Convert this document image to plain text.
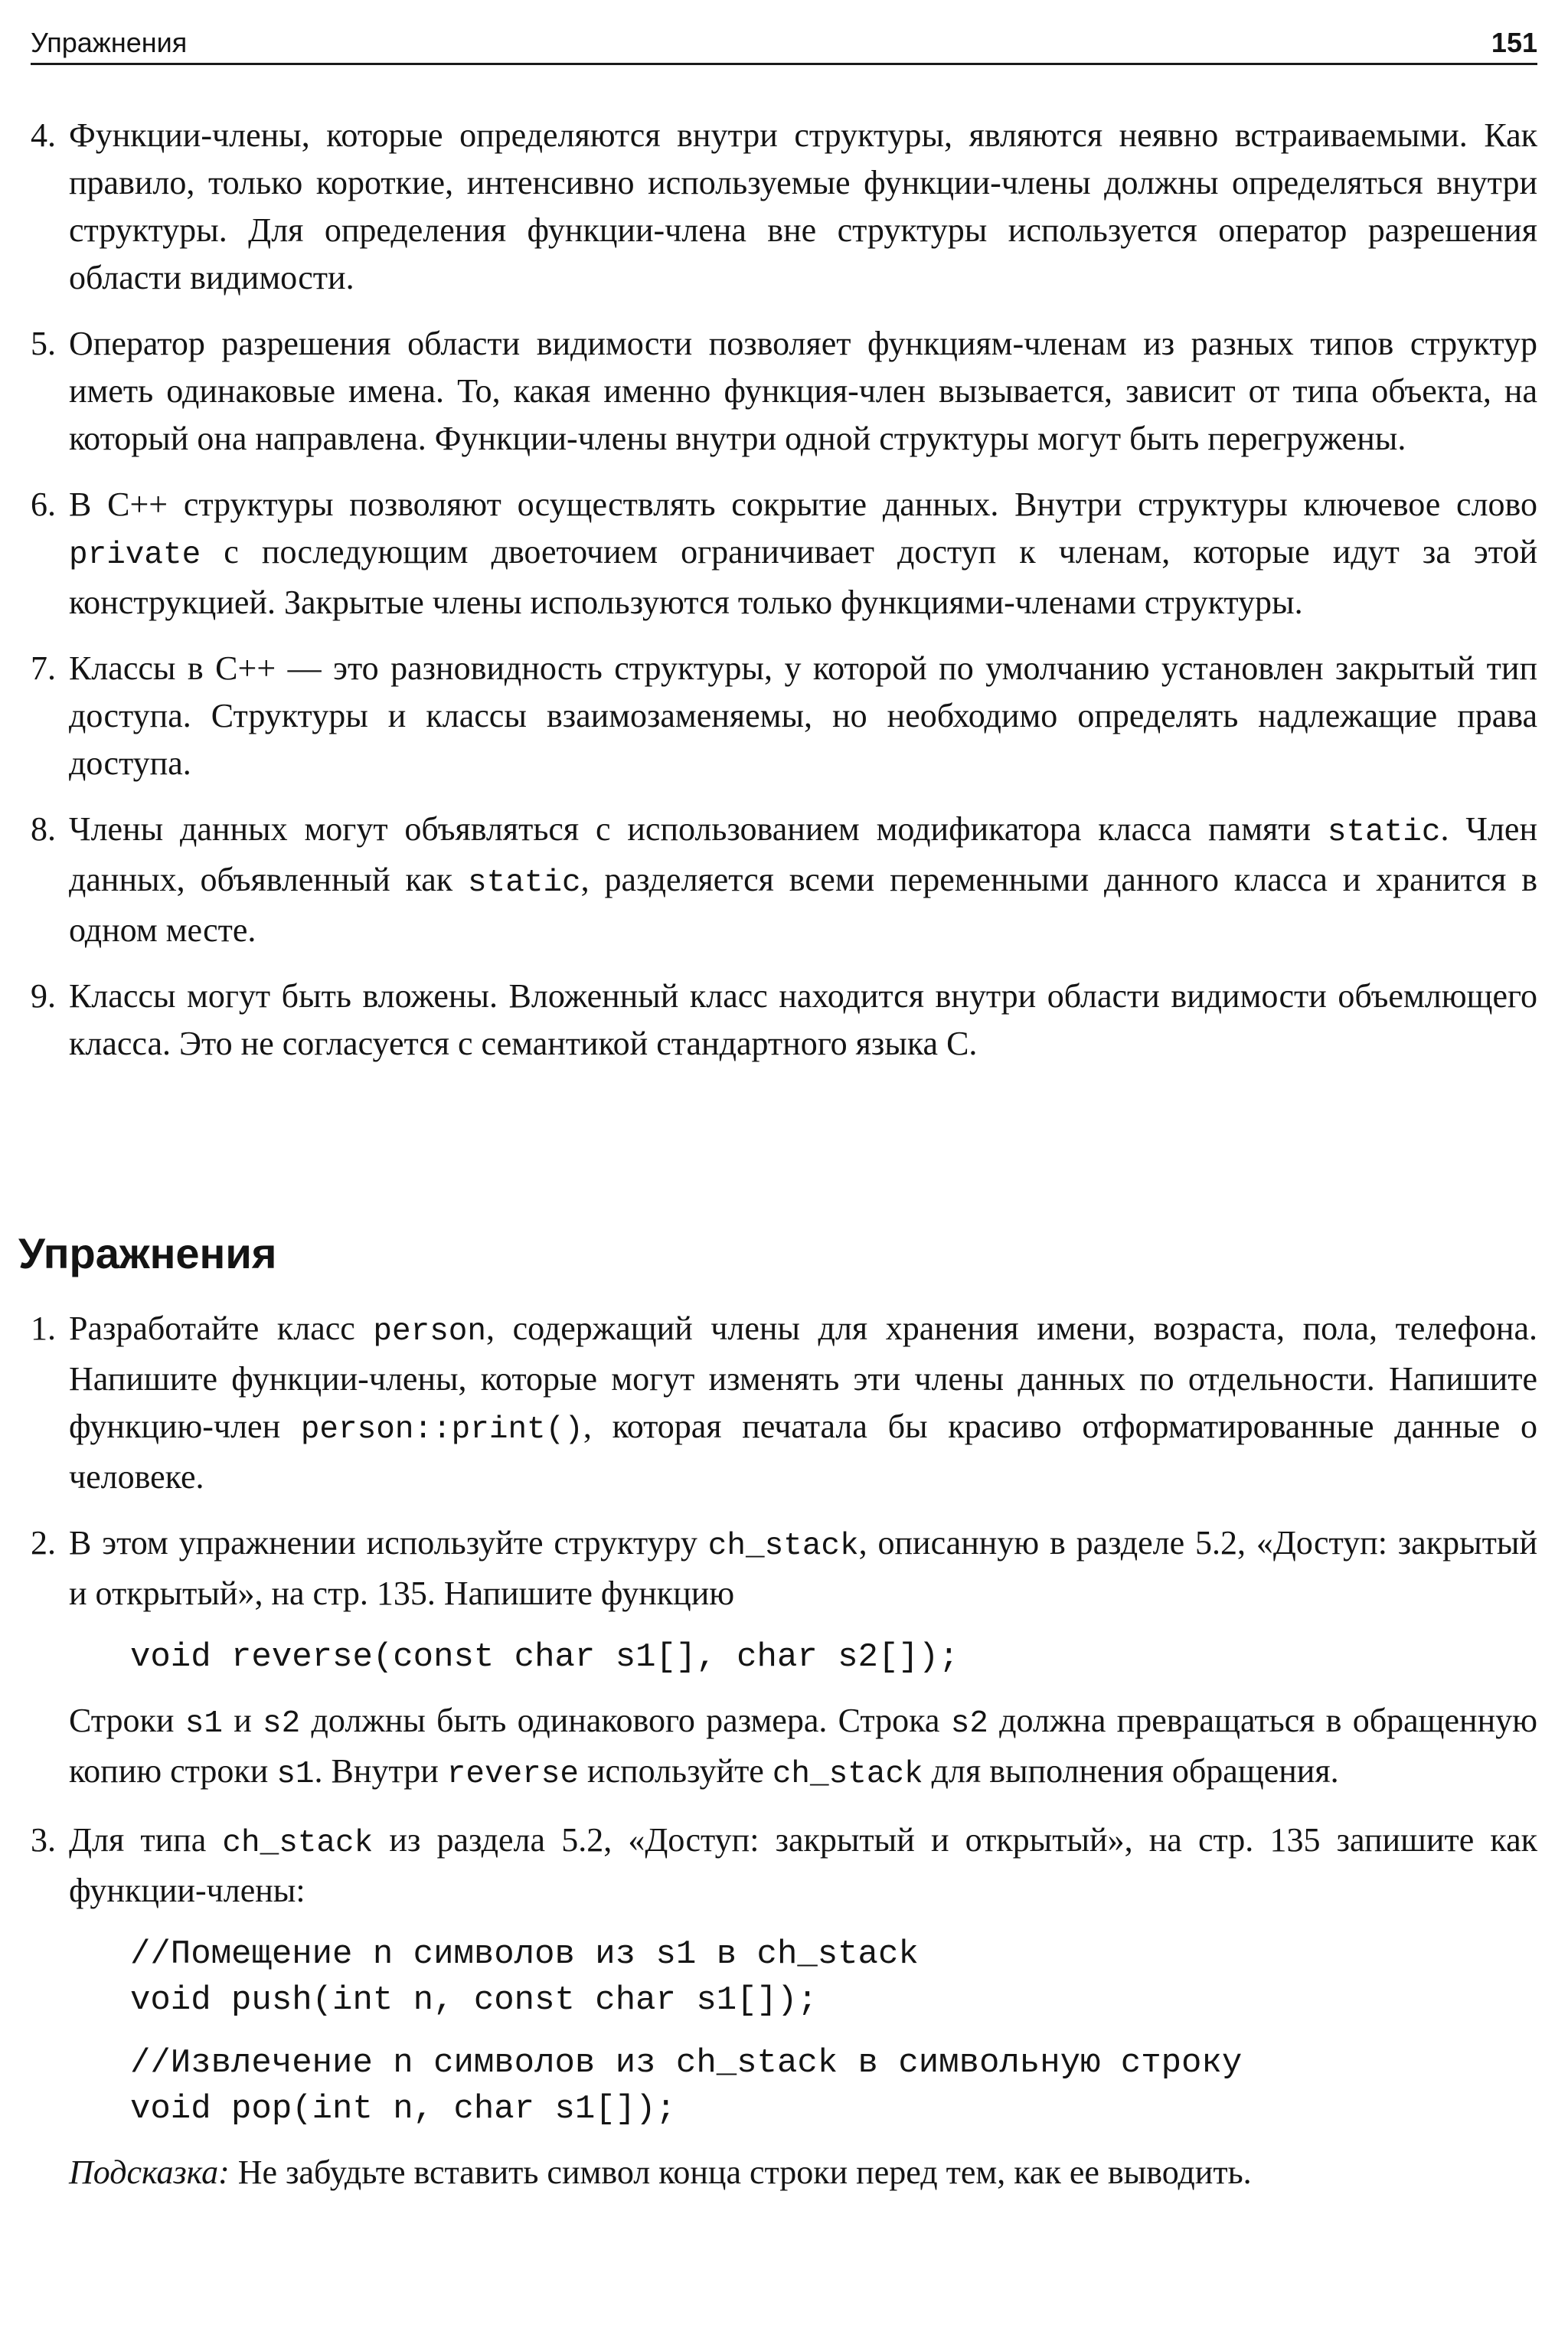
Упражнения	151
4. Функции-члены, которые определяются внутри структуры, являются неявно встраиваемыми. Как правило, только короткие, интенсивно используемые функции-члены должны определяться внутри структуры. Для определения функции-члена вне структуры используется оператор разрешения области видимости.
5. Оператор разрешения области видимости позволяет функциям-членам из разных типов структур иметь одинаковые имена. То, какая именно функция-член вызывается, зависит от типа объекта, на который она направлена. Функции-члены внутри одной структуры могут быть перегружены.
6. В С++ структуры позволяют осуществлять сокрытие данных. Внутри структуры ключевое слово private с последующим двоеточием ограничивает доступ к членам, которые идут за этой конструкцией. Закрытые члены используются только функциями-членами структуры.
7. Классы в С++ — это разновидность структуры, у которой по умолчанию установлен закрытый тип доступа. Структуры и классы взаимозаменяемы, но необходимо определять надлежащие права доступа.
8. Члены данных могут объявляться с использованием модификатора класса памяти static. Член данных, объявленный как static, разделяется всеми переменными данного класса и хранится в одном месте.
9. Классы могут быть вложены. Вложенный класс находится внутри области видимости объемлющего класса. Это не согласуется с семантикой стандартного языка С.
Упражнения
1. Разработайте класс person, содержащий члены для хранения имени, возраста, пола, телефона. Напишите функции-члены, которые могут изменять эти члены данных по отдельности. Напишите функцию-член person::print(), которая печатала бы красиво отформатированные данные о человеке.
2. В этом упражнении используйте структуру ch_stack, описанную в разделе 5.2, «Доступ: закрытый и открытый», на стр. 135. Напишите функцию
void reverse(const char s1[], char s2[]);
Строки s1 и s2 должны быть одинакового размера. Строка s2 должна превращаться в обращенную копию строки s1. Внутри reverse используйте ch_stack для выполнения обращения.
3. Для типа ch_stack из раздела 5.2, «Доступ: закрытый и открытый», на стр. 135 запишите как функции-члены:
//Помещение n символов из s1 в ch_stack
void push(int n, const char s1[]);
//Извлечение n символов из ch_stack в символьную строку
void pop(int n, char s1[]);
Подсказка: Не забудьте вставить символ конца строки перед тем, как ее выводить.
